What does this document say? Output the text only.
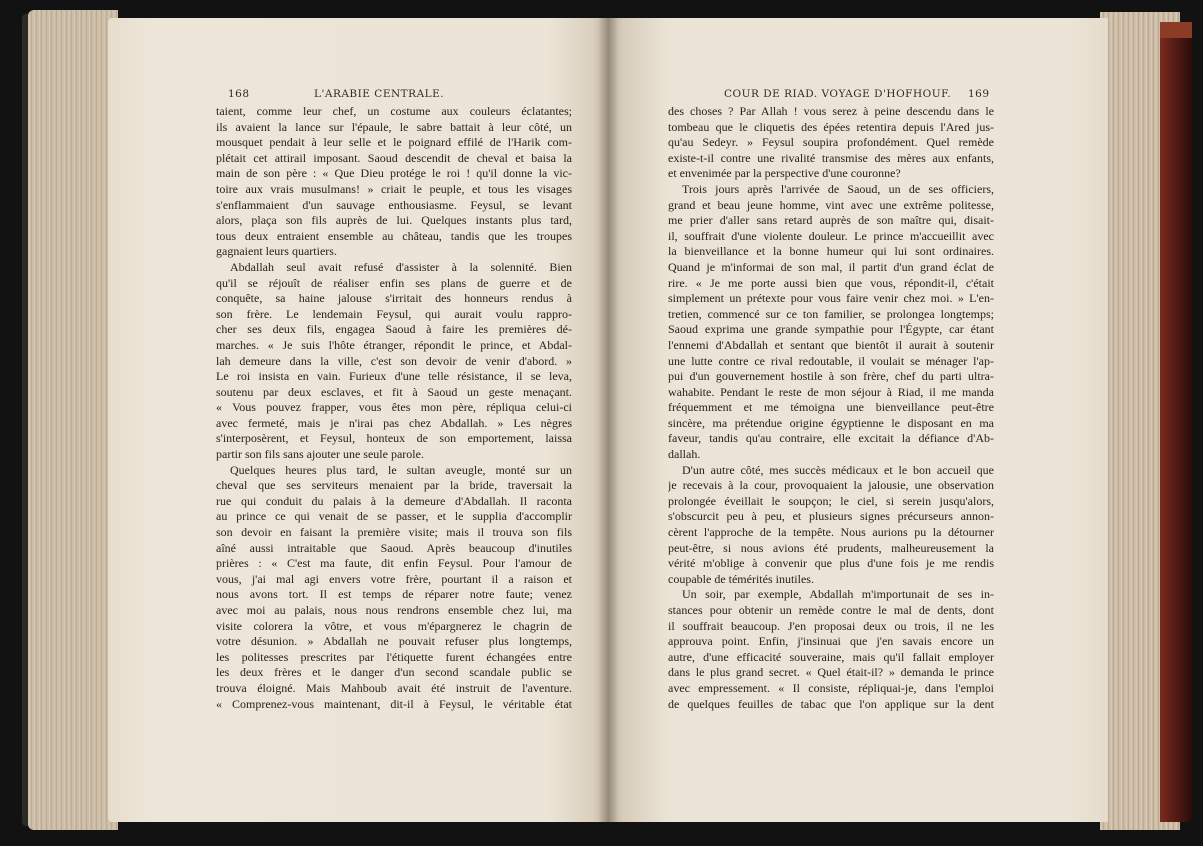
168	L'ARABIE CENTRALE.
taient, comme leur chef, un costume aux couleurs éclatantes;
ils avaient la lance sur l'épaule, le sabre battait à leur côté, un
mousquet pendait à leur selle et le poignard effilé de l'Harik com-
plétait cet attirail imposant. Saoud descendit de cheval et baisa la
main de son père : « Que Dieu protége le roi ! qu'il donne la vic-
toire aux vrais musulmans! » criait le peuple, et tous les visages
s'enflammaient d'un sauvage enthousiasme. Feysul, se levant
alors, plaça son fils auprès de lui. Quelques instants plus tard,
tous deux entraient ensemble au château, tandis que les troupes
gagnaient leurs quartiers.
Abdallah seul avait refusé d'assister à la solennité. Bien
qu'il se réjouît de réaliser enfin ses plans de guerre et de
conquête, sa haine jalouse s'irritait des honneurs rendus à
son frère. Le lendemain Feysul, qui aurait voulu rappro-
cher ses deux fils, engagea Saoud à faire les premières dé-
marches. « Je suis l'hôte étranger, répondit le prince, et Abdal-
lah demeure dans la ville, c'est son devoir de venir d'abord. »
Le roi insista en vain. Furieux d'une telle résistance, il se leva,
soutenu par deux esclaves, et fit à Saoud un geste menaçant.
« Vous pouvez frapper, vous êtes mon père, répliqua celui-ci
avec fermeté, mais je n'irai pas chez Abdallah. » Les nègres
s'interposèrent, et Feysul, honteux de son emportement, laissa
partir son fils sans ajouter une seule parole.
Quelques heures plus tard, le sultan aveugle, monté sur un
cheval que ses serviteurs menaient par la bride, traversait la
rue qui conduit du palais à la demeure d'Abdallah. Il raconta
au prince ce qui venait de se passer, et le supplia d'accomplir
son devoir en faisant la première visite; mais il trouva son fils
aîné aussi intraitable que Saoud. Après beaucoup d'inutiles
prières : « C'est ma faute, dit enfin Feysul. Pour l'amour de
vous, j'ai mal agi envers votre frère, pourtant il a raison et
nous avons tort. Il est temps de réparer notre faute; venez
avec moi au palais, nous nous rendrons ensemble chez lui, ma
visite colorera la vôtre, et vous m'épargnerez le chagrin de
votre désunion. » Abdallah ne pouvait refuser plus longtemps,
les politesses prescrites par l'étiquette furent échangées entre
les deux frères et le danger d'un second scandale public se
trouva éloigné. Mais Mahboub avait été instruit de l'aventure.
« Comprenez-vous maintenant, dit-il à Feysul, le véritable état
COUR DE RIAD. VOYAGE D'HOFHOUF. 169
des choses ? Par Allah ! vous serez à peine descendu dans le
tombeau que le cliquetis des épées retentira depuis l'Ared jus-
qu'au Sedeyr. » Feysul soupira profondément. Quel remède
existe-t-il contre une rivalité transmise des mères aux enfants,
et envenimée par la perspective d'une couronne?
Trois jours après l'arrivée de Saoud, un de ses officiers,
grand et beau jeune homme, vint avec une extrême politesse,
me prier d'aller sans retard auprès de son maître qui, disait-
il, souffrait d'une violente douleur. Le prince m'accueillit avec
la bienveillance et la bonne humeur qui lui sont ordinaires.
Quand je m'informai de son mal, il partit d'un grand éclat de
rire. « Je me porte aussi bien que vous, répondit-il, c'était
simplement un prétexte pour vous faire venir chez moi. » L'en-
tretien, commencé sur ce ton familier, se prolongea longtemps;
Saoud exprima une grande sympathie pour l'Égypte, car étant
l'ennemi d'Abdallah et sentant que bientôt il aurait à soutenir
une lutte contre ce rival redoutable, il voulait se ménager l'ap-
pui d'un gouvernement hostile à son frère, chef du parti ultra-
wahabite. Pendant le reste de mon séjour à Riad, il me manda
fréquemment et me témoigna une bienveillance peut-être
sincère, ma prétendue origine égyptienne le disposant en ma
faveur, tandis qu'au contraire, elle excitait la défiance d'Ab-
dallah.
D'un autre côté, mes succès médicaux et le bon accueil que
je recevais à la cour, provoquaient la jalousie, une observation
prolongée éveillait le soupçon; le ciel, si serein jusqu'alors,
s'obscurcit peu à peu, et plusieurs signes précurseurs annon-
cèrent l'approche de la tempête. Nous aurions pu la détourner
peut-être, si nous avions été prudents, malheureusement la
vérité m'oblige à convenir que plus d'une fois je me rendis
coupable de témérités inutiles.
Un soir, par exemple, Abdallah m'importunait de ses in-
stances pour obtenir un remède contre le mal de dents, dont
il souffrait beaucoup. J'en proposai deux ou trois, il ne les
approuva point. Enfin, j'insinuai que j'en savais encore un
autre, d'une efficacité souveraine, mais qu'il fallait employer
dans le plus grand secret. « Quel était-il? » demanda le prince
avec empressement. « Il consiste, répliquai-je, dans l'emploi
de quelques feuilles de tabac que l'on applique sur la dent
